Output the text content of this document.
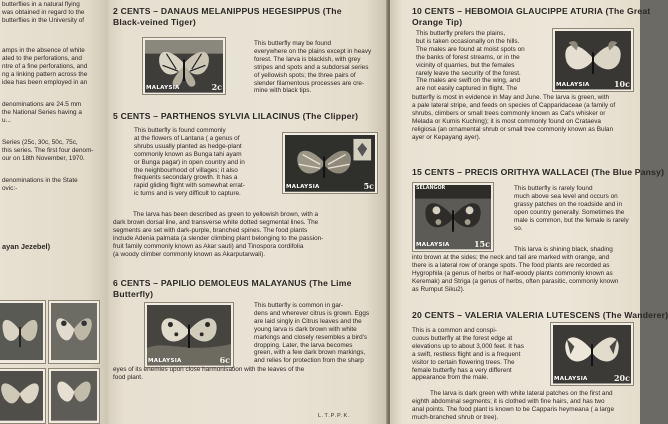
butterflies in a natural flying
was obtained in regard to the
butterflies in the University of
amps in the absence of white
ated to the perforations, and
ntre of a fine perforations, and
ng a linking pattern across the
idea has been employed in an
denominations are 24.5 mm
the National Series having a
u...
Series (25c, 30c, 50c, 75c,
this series. The first four denom-
our on 18th November, 1970.
denominations in the State
ovic:-
ayan Jezebel)
2 CENTS – DANAUS MELANIPPUS HEGESIPPUS (The
Black-veined Tiger)
MALAYSIA	2c
This butterfly may be found
everywhere on the plains except in heavy
forest. The larva is blackish, with grey
stripes and spots and a subdorsal series
of yellowish spots; the three pairs of
slender filamentous processes are cre-
mine with black tips.
5 CENTS – PARTHENOS SYLVIA LILACINUS (The Clipper)
This butterfly is found commonly
at the flowers of Lantana ( a genus of
shrubs usually planted as hedge-plant
commonly known as Bunga tahi ayam
or Bunga pagar) in open country and in
the neighbourhood of villages; it also
frequents secondary growth. It has a
rapid gliding flight with somewhat errat-
ic turns and is very difficult to capture.
MALAYSIA	5c
The larva has been described as green to yellowish brown, with a
dark brown dorsal line, and transverse white dotted segmental lines. The
segments are set with dark-purple, branched spines. The food plants
include Adenia palmata (a slender climbing plant belonging to the passion-
fruit family commonly known as Akar sauti) and Tinospora cordifolia
(a woody climber commonly known as Akarputarwali).
6 CENTS – PAPILIO DEMOLEUS MALAYANUS (The Lime
Butterfly)
MALAYSIA	6c
This butterfly is common in gar-
dens and wherever citrus is grown. Eggs
are laid singly in Citrus leaves and the
young larva is dark brown with white
markings and closely resembles a bird's
dropping. Later, the larva becomes
green, with a few dark brown markings,
and relies for protection from the sharp
eyes of its enemies upon close harmonisation with the leaves of the
food plant.
L.T.P.P.K.
10 CENTS – HEBOMOIA GLAUCIPPE ATURIA (The Great
Orange Tip)
This butterfly prefers the plains,
but is taken occasionally on the hills.
The males are found at moist spots on
the banks of forest streams, or in the
vicinity of quarries, but the females
rarely leave the security of the forest.
The males are swift on the wing, and
are not easily captured in flight. The
MALAYSIA	10c
butterfly is most in evidence in May and June. The larva is green, with
a pale lateral stripe, and feeds on species of Capparidaceae (a family of
shrubs, climbers or small trees commonly known as Cat's whisker or
Melada or Kumis Kuching); it is most commonly found on Crataeva
religiosa (an ornamental shrub or small tree commonly known as Bulan
ayer or Kepayang ayer).
15 CENTS – PRECIS ORITHYA WALLACEI (The Blue Pansy)
SELANGOR
MALAYSIA	15c
This butterfly is rarely found
much above sea level and occurs on
grassy patches on the roadside and in
open country generally. Sometimes the
male is common, but the female is rarely
so.
This larva is shining black, shading
into brown at the sides; the neck and tail are marked with orange, and
there is a lateral row of orange spots. The food plants are recorded as
Hygrophila (a genus of herbs or half-woody plants commonly known as
Keremak) and Striga (a genus of herbs, often parasitic, commonly known
as Rumput Siku2).
20 CENTS – VALERIA VALERIA LUTESCENS (The Wanderer)
This is a common and conspi-
cuous butterfly at the forest edge at
elevations up to about 3,000 feet. It has
a swift, restless flight and is a frequent
visitor to certain flowering trees. The
female butterfly has a very different
appearance from the male.	MALAYSIA	20c
The larva is dark green with white lateral patches on the first and
eighth abdominal segments; it is clothed with fine hairs, and has two
anal points. The food plant is known to be Capparis heymeana ( a large
much-branched shrub or tree).
